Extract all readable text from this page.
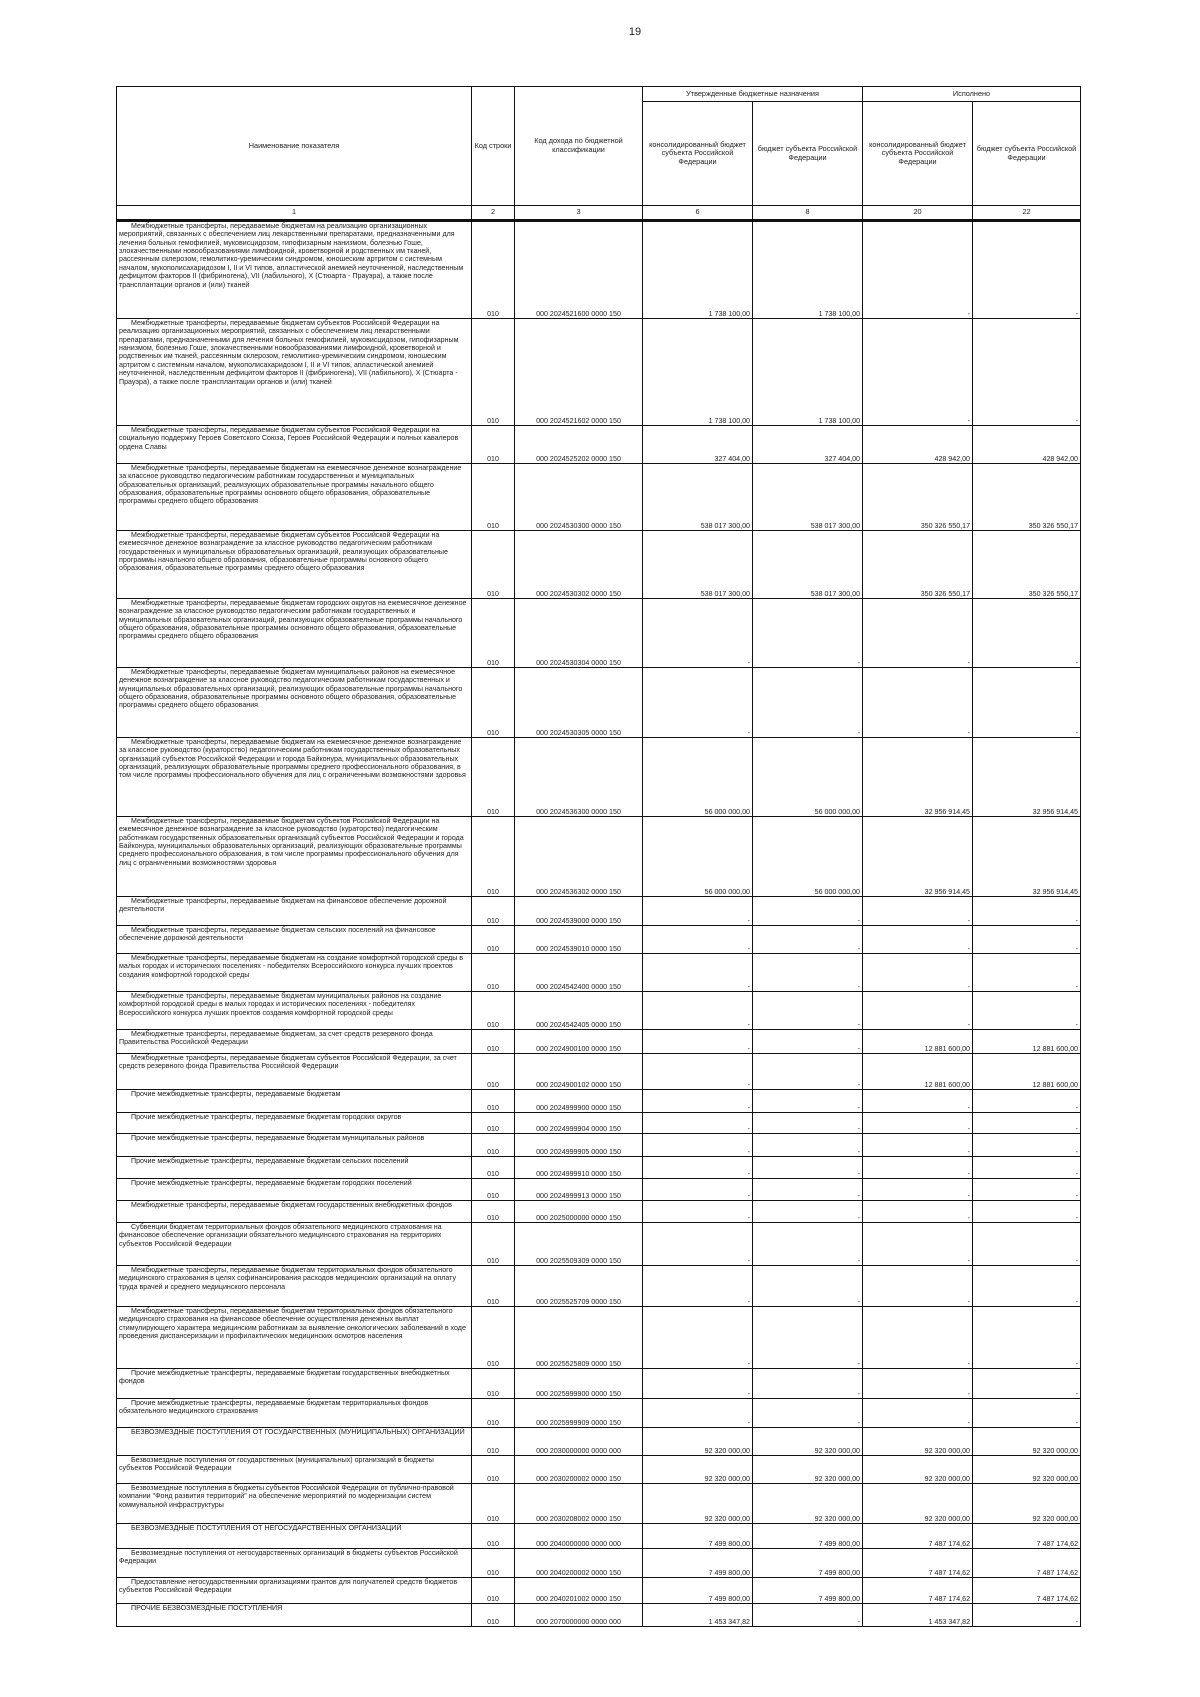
19
Наименование показателя	Код строки	Код дохода по бюджетной классификации	Утвержденные бюджетные назначения		Исполнено	
			консолидированный бюджет субъекта Российской Федерации	бюджет субъекта Российской Федерации	консолидированный бюджет субъекта Российской Федерации	бюджет субъекта Российской Федерации
1	2	3	6	8	20	22

Межбюджетные трансферты, передаваемые бюджетам на реализацию организационных мероприятий, связанных с обеспечением лиц лекарственными препаратами, предназначенными для лечения больных гемофилией, муковисцидозом, гипофизарным нанизмом, болезнью Гоше, злокачественными новообразованиями лимфоидной, кроветворной и родственных им тканей, рассеянным склерозом, гемолитико-уремическим синдромом, юношеским артритом с системным началом, мукополисахаридозом I, II и VI типов, апластической анемией неуточненной, наследственным дефицитом факторов II (фибриногена), VII (лабильного), X (Стюарта - Прауэра), а также после трансплантации органов и (или) тканей	010	000 2024521600 0000 150	1 738 100,00	1 738 100,00	-	-

Межбюджетные трансферты, передаваемые бюджетам субъектов Российской Федерации на реализацию организационных мероприятий, связанных с обеспечением лиц лекарственными препаратами, предназначенными для лечения больных гемофилией, муковисцидозом, гипофизарным нанизмом, болезнью Гоше, злокачественными новообразованиями лимфоидной, кроветворной и родственных им тканей, рассеянным склерозом, гемолитико-уремическим синдромом, юношеским артритом с системным началом, мукополисахаридозом I, II и VI типов, апластической анемией неуточненной, наследственным дефицитом факторов II (фибриногена), VII (лабильного), X (Стюарта - Прауэра), а также после трансплантации органов и (или) тканей	010	000 2024521602 0000 150	1 738 100,00	1 738 100,00	-	-

Межбюджетные трансферты, передаваемые бюджетам субъектов Российской Федерации на социальную поддержку Героев Советского Союза, Героев Российской Федерации и полных кавалеров ордена Славы	010	000 2024525202 0000 150	327 404,00	327 404,00	428 942,00	428 942,00

Межбюджетные трансферты, передаваемые бюджетам на ежемесячное денежное вознаграждение за классное руководство педагогическим работникам государственных и муниципальных образовательных организаций, реализующих образовательные программы начального общего образования, образовательные программы основного общего образования, образовательные программы среднего общего образования	010	000 2024530300 0000 150	538 017 300,00	538 017 300,00	350 326 550,17	350 326 550,17

Межбюджетные трансферты, передаваемые бюджетам субъектов Российской Федерации на ежемесячное денежное вознаграждение за классное руководство педагогическим работникам государственных и муниципальных образовательных организаций, реализующих образовательные программы начального общего образования, образовательные программы основного общего образования, образовательные программы среднего общего образования	010	000 2024530302 0000 150	538 017 300,00	538 017 300,00	350 326 550,17	350 326 550,17

Межбюджетные трансферты, передаваемые бюджетам городских округов на ежемесячное денежное вознаграждение за классное руководство педагогическим работникам государственных и муниципальных образовательных организаций, реализующих образовательные программы начального общего образования, образовательные программы основного общего образования, образовательные программы среднего общего образования	010	000 2024530304 0000 150	-	-	-	-

Межбюджетные трансферты, передаваемые бюджетам муниципальных районов на ежемесячное денежное вознаграждение за классное руководство педагогическим работникам государственных и муниципальных образовательных организаций, реализующих образовательные программы начального общего образования, образовательные программы основного общего образования, образовательные программы среднего общего образования	010	000 2024530305 0000 150	-	-	-	-

Межбюджетные трансферты, передаваемые бюджетам на ежемесячное денежное вознаграждение за классное руководство (кураторство) педагогическим работникам государственных образовательных организаций субъектов Российской Федерации и города Байконура, муниципальных образовательных организаций, реализующих образовательные программы среднего профессионального образования, в том числе программы профессионального обучения для лиц с ограниченными возможностями здоровья	010	000 2024536300 0000 150	56 000 000,00	56 000 000,00	32 956 914,45	32 956 914,45

Межбюджетные трансферты, передаваемые бюджетам субъектов Российской Федерации на ежемесячное денежное вознаграждение за классное руководство (кураторство) педагогическим работникам государственных образовательных организаций субъектов Российской Федерации и города Байконура, муниципальных образовательных организаций, реализующих образовательные программы среднего профессионального образования, в том числе программы профессионального обучения для лиц с ограниченными возможностями здоровья	010	000 2024536302 0000 150	56 000 000,00	56 000 000,00	32 956 914,45	32 956 914,45

Межбюджетные трансферты, передаваемые бюджетам на финансовое обеспечение дорожной деятельности	010	000 2024539000 0000 150	-	-	-	-

Межбюджетные трансферты, передаваемые бюджетам сельских поселений на финансовое обеспечение дорожной деятельности	010	000 2024539010 0000 150	-	-	-	-

Межбюджетные трансферты, передаваемые бюджетам на создание комфортной городской среды в малых городах и исторических поселениях - победителях Всероссийского конкурса лучших проектов создания комфортной городской среды	010	000 2024542400 0000 150	-	-	-	-

Межбюджетные трансферты, передаваемые бюджетам муниципальных районов на создание комфортной городской среды в малых городах и исторических поселениях - победителях Всероссийского конкурса лучших проектов создания комфортной городской среды	010	000 2024542405 0000 150	-	-	-	-

Межбюджетные трансферты, передаваемые бюджетам, за счет средств резервного фонда Правительства Российской Федерации	010	000 2024900100 0000 150	-	-	12 881 600,00	12 881 600,00

Межбюджетные трансферты, передаваемые бюджетам субъектов Российской Федерации, за счет средств резервного фонда Правительства Российской Федерации	010	000 2024900102 0000 150	-	-	12 881 600,00	12 881 600,00

Прочие межбюджетные трансферты, передаваемые бюджетам	010	000 2024999900 0000 150	-	-	-	-

Прочие межбюджетные трансферты, передаваемые бюджетам городских округов	010	000 2024999904 0000 150	-	-	-	-

Прочие межбюджетные трансферты, передаваемые бюджетам муниципальных районов	010	000 2024999905 0000 150	-	-	-	-

Прочие межбюджетные трансферты, передаваемые бюджетам сельских поселений	010	000 2024999910 0000 150	-	-	-	-

Прочие межбюджетные трансферты, передаваемые бюджетам городских поселений	010	000 2024999913 0000 150	-	-	-	-

Межбюджетные трансферты, передаваемые бюджетам государственных внебюджетных фондов	010	000 2025000000 0000 150	-	-	-	-

Субвенции бюджетам территориальных фондов обязательного медицинского страхования на финансовое обеспечение организации обязательного медицинского страхования на территориях субъектов Российской Федерации	010	000 2025509309 0000 150	-	-	-	-

Межбюджетные трансферты, передаваемые бюджетам территориальных фондов обязательного медицинского страхования в целях софинансирования расходов медицинских организаций на оплату труда врачей и среднего медицинского персонала	010	000 2025525709 0000 150	-	-	-	-

Межбюджетные трансферты, передаваемые бюджетам территориальных фондов обязательного медицинского страхования на финансовое обеспечение осуществления денежных выплат стимулирующего характера медицинским работникам за выявление онкологических заболеваний в ходе проведения диспансеризации и профилактических медицинских осмотров населения	010	000 2025525809 0000 150	-	-	-	-

Прочие межбюджетные трансферты, передаваемые бюджетам государственных внебюджетных фондов	010	000 2025999900 0000 150	-	-	-	-

Прочие межбюджетные трансферты, передаваемые бюджетам территориальных фондов обязательного медицинского страхования	010	000 2025999909 0000 150	-	-	-	-

БЕЗВОЗМЕЗДНЫЕ ПОСТУПЛЕНИЯ ОТ ГОСУДАРСТВЕННЫХ (МУНИЦИПАЛЬНЫХ) ОРГАНИЗАЦИЙ	010	000 2030000000 0000 000	92 320 000,00	92 320 000,00	92 320 000,00	92 320 000,00

Безвозмездные поступления от государственных (муниципальных) организаций в бюджеты субъектов Российской Федерации	010	000 2030200002 0000 150	92 320 000,00	92 320 000,00	92 320 000,00	92 320 000,00

Безвозмездные поступления в бюджеты субъектов Российской Федерации от публично-правовой компании "Фонд развития территорий" на обеспечение мероприятий по модернизации систем коммунальной инфраструктуры	010	000 2030208002 0000 150	92 320 000,00	92 320 000,00	92 320 000,00	92 320 000,00

БЕЗВОЗМЕЗДНЫЕ ПОСТУПЛЕНИЯ ОТ НЕГОСУДАРСТВЕННЫХ ОРГАНИЗАЦИЙ	010	000 2040000000 0000 000	7 499 800,00	7 499 800,00	7 487 174,62	7 487 174,62

Безвозмездные поступления от негосударственных организаций в бюджеты субъектов Российской Федерации	010	000 2040200002 0000 150	7 499 800,00	7 499 800,00	7 487 174,62	7 487 174,62

Предоставление негосударственными организациями грантов для получателей средств бюджетов субъектов Российской Федерации	010	000 2040201002 0000 150	7 499 800,00	7 499 800,00	7 487 174,62	7 487 174,62

ПРОЧИЕ БЕЗВОЗМЕЗДНЫЕ ПОСТУПЛЕНИЯ	010	000 2070000000 0000 000	1 453 347,82	-	1 453 347,82	-
